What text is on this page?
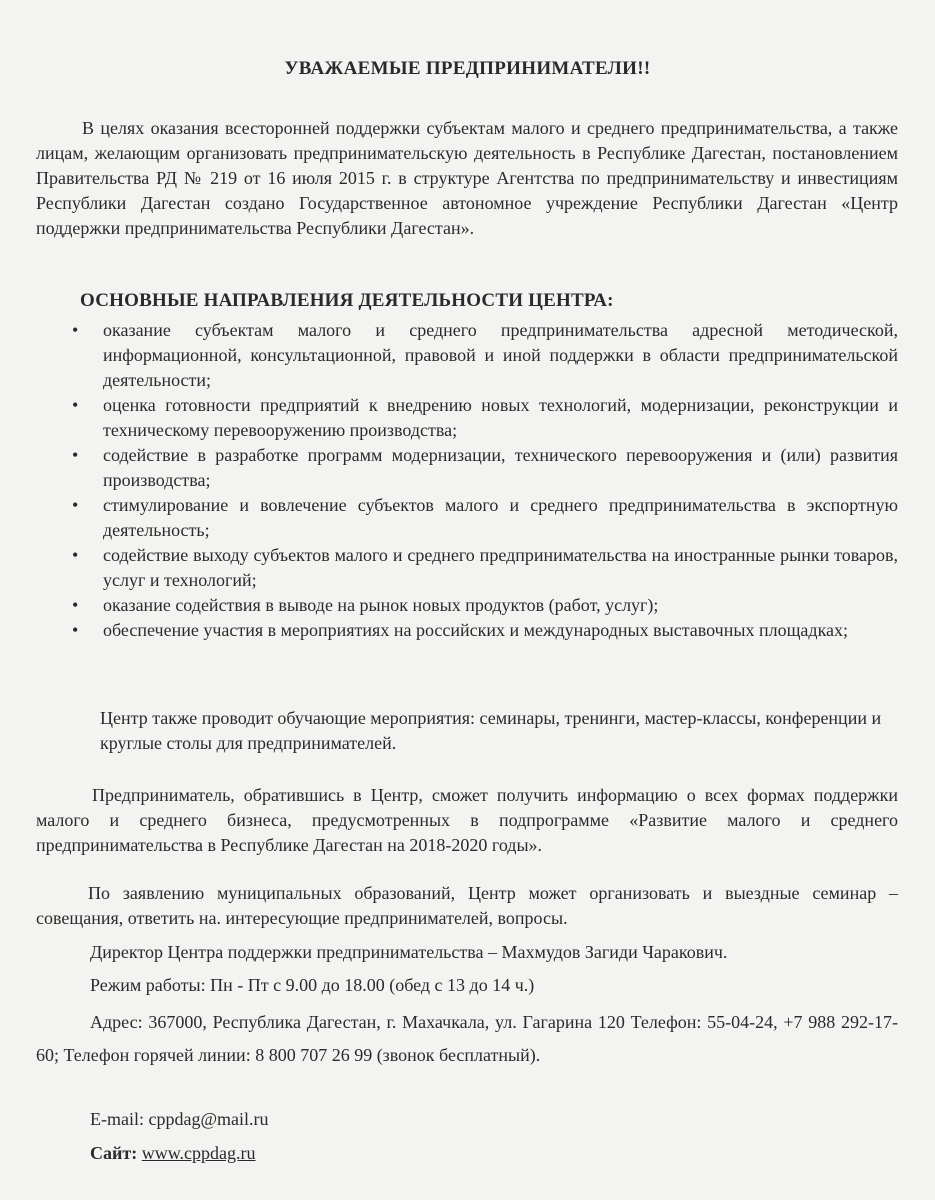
УВАЖАЕМЫЕ ПРЕДПРИНИМАТЕЛИ!!

В целях оказания всесторонней поддержки субъектам малого и среднего предпринимательства, а также лицам, желающим организовать предпринимательскую деятельность в Республике Дагестан, постановлением Правительства РД № 219 от 16 июля 2015 г. в структуре Агентства по предпринимательству и инвестициям Республики Дагестан создано Государственное автономное учреждение Республики Дагестан «Центр поддержки предпринимательства Республики Дагестан».

ОСНОВНЫЕ НАПРАВЛЕНИЯ ДЕЯТЕЛЬНОСТИ ЦЕНТРА:
• оказание субъектам малого и среднего предпринимательства адресной методической, информационной, консультационной, правовой и иной поддержки в области предпринимательской деятельности;
• оценка готовности предприятий к внедрению новых технологий, модернизации, реконструкции и техническому перевооружению производства;
• содействие в разработке программ модернизации, технического перевооружения и (или) развития производства;
• стимулирование и вовлечение субъектов малого и среднего предпринимательства в экспортную деятельность;
• содействие выходу субъектов малого и среднего предпринимательства на иностранные рынки товаров, услуг и технологий;
• оказание содействия в выводе на рынок новых продуктов (работ, услуг);
• обеспечение участия в мероприятиях на российских и международных выставочных площадках;

Центр также проводит обучающие мероприятия: семинары, тренинги, мастер-классы, конференции и круглые столы для предпринимателей.

Предприниматель, обратившись в Центр, сможет получить информацию о всех формах поддержки малого и среднего бизнеса, предусмотренных в подпрограмме «Развитие малого и среднего предпринимательства в Республике Дагестан на 2018-2020 годы».

По заявлению муниципальных образований, Центр может организовать и выездные семинар – совещания, ответить на. интересующие предпринимателей, вопросы.

Директор Центра поддержки предпринимательства – Махмудов Загиди Чаракович.
Режим работы: Пн - Пт с 9.00 до 18.00 (обед с 13 до 14 ч.)

Адрес: 367000, Республика Дагестан, г. Махачкала, ул. Гагарина 120 Телефон: 55-04-24, +7 988 292-17-60; Телефон горячей линии: 8 800 707 26 99 (звонок бесплатный).

E-mail: cppdag@mail.ru
Сайт: www.cppdag.ru
